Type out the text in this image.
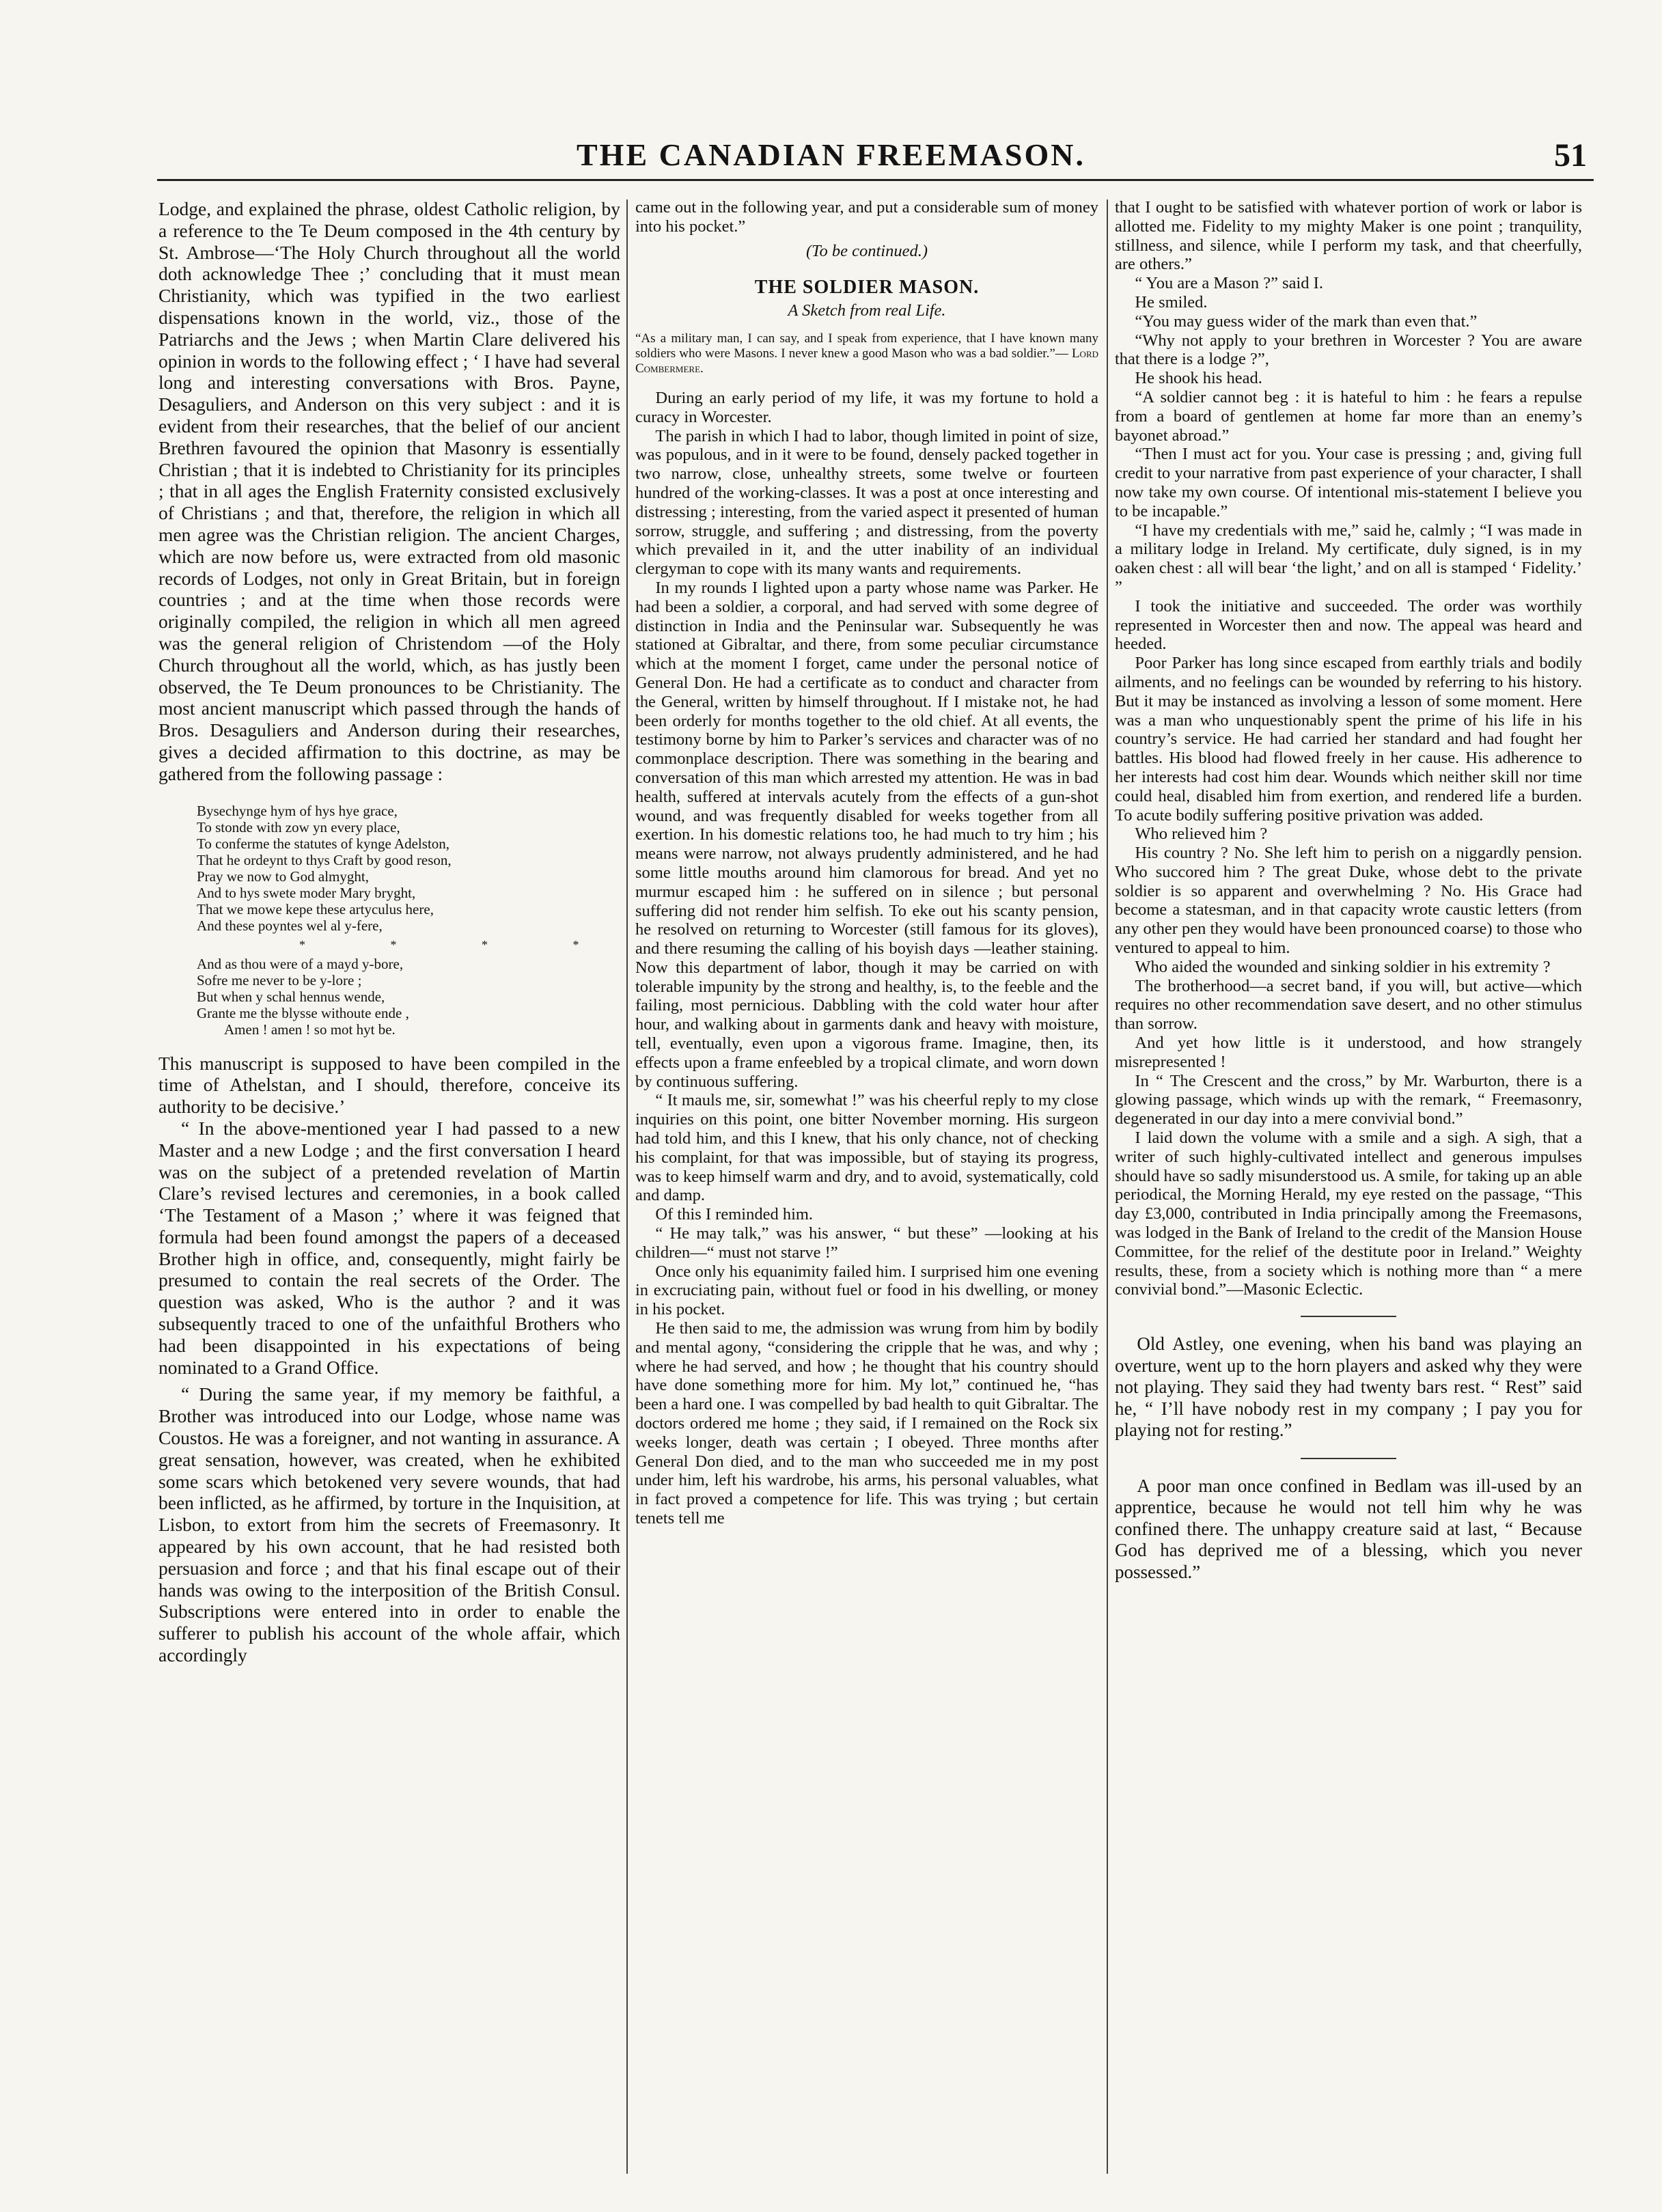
THE CANADIAN FREEMASON.	51

Lodge, and explained the phrase, oldest Catholic religion, by a reference to the Te Deum composed in the 4th century by St. Ambrose—‘The Holy Church throughout all the world doth acknowledge Thee ;’ concluding that it must mean Christianity, which was typified in the two earliest dispensations known in the world, viz., those of the Patriarchs and the Jews ; when Martin Clare delivered his opinion in words to the following effect ; ‘ I have had several long and interesting conversations with Bros. Payne, Desaguliers, and Anderson on this very subject : and it is evident from their researches, that the belief of our ancient Brethren favoured the opinion that Masonry is essentially Christian ; that it is indebted to Christianity for its principles ; that in all ages the English Fraternity consisted exclusively of Christians ; and that, therefore, the religion in which all men agree was the Christian religion. The ancient Charges, which are now before us, were extracted from old masonic records of Lodges, not only in Great Britain, but in foreign countries ; and at the time when those records were originally compiled, the religion in which all men agreed was the general religion of Christendom —of the Holy Church throughout all the world, which, as has justly been observed, the Te Deum pronounces to be Christianity. The most ancient manuscript which passed through the hands of Bros. Desaguliers and Anderson during their researches, gives a decided affirmation to this doctrine, as may be gathered from the following passage :

Bysechynge hym of hys hye grace,
To stonde with zow yn every place,
To conferme the statutes of kynge Adelston,
That he ordeynt to thys Craft by good reson,
Pray we now to God almyght,
And to hys swete moder Mary bryght,
That we mowe kepe these artyculus here,
And these poyntes wel al y-fere,
* * * *
And as thou were of a mayd y-bore,
Sofre me never to be y-lore ;
But when y schal hennus wende,
Grante me the blysse withoute ende ,
Amen ! amen ! so mot hyt be.

This manuscript is supposed to have been compiled in the time of Athelstan, and I should, therefore, conceive its authority to be decisive.’

“ In the above-mentioned year I had passed to a new Master and a new Lodge ; and the first conversation I heard was on the subject of a pretended revelation of Martin Clare’s revised lectures and ceremonies, in a book called ‘The Testament of a Mason ;’ where it was feigned that formula had been found amongst the papers of a deceased Brother high in office, and, consequently, might fairly be presumed to contain the real secrets of the Order. The question was asked, Who is the author ? and it was subsequently traced to one of the unfaithful Brothers who had been disappointed in his expectations of being nominated to a Grand Office.

“ During the same year, if my memory be faithful, a Brother was introduced into our Lodge, whose name was Coustos. He was a foreigner, and not wanting in assurance. A great sensation, however, was created, when he exhibited some scars which betokened very severe wounds, that had been inflicted, as he affirmed, by torture in the Inquisition, at Lisbon, to extort from him the secrets of Freemasonry. It appeared by his own account, that he had resisted both persuasion and force ; and that his final escape out of their hands was owing to the interposition of the British Consul. Subscriptions were entered into in order to enable the sufferer to publish his account of the whole affair, which accordingly

came out in the following year, and put a considerable sum of money into his pocket.”

(To be continued.)
THE SOLDIER MASON.
A Sketch from real Life.
“As a military man, I can say, and I speak from experience, that I have known many soldiers who were Masons. I never knew a good Mason who was a bad soldier.”— Lord Combermere.

During an early period of my life, it was my fortune to hold a curacy in Worcester.

The parish in which I had to labor, though limited in point of size, was populous, and in it were to be found, densely packed together in two narrow, close, unhealthy streets, some twelve or fourteen hundred of the working-classes. It was a post at once interesting and distressing ; interesting, from the varied aspect it presented of human sorrow, struggle, and suffering ; and distressing, from the poverty which prevailed in it, and the utter inability of an individual clergyman to cope with its many wants and requirements.

In my rounds I lighted upon a party whose name was Parker. He had been a soldier, a corporal, and had served with some degree of distinction in India and the Peninsular war. Subsequently he was stationed at Gibraltar, and there, from some peculiar circumstance which at the moment I forget, came under the personal notice of General Don. He had a certificate as to conduct and character from the General, written by himself throughout. If I mistake not, he had been orderly for months together to the old chief. At all events, the testimony borne by him to Parker’s services and character was of no commonplace description. There was something in the bearing and conversation of this man which arrested my attention. He was in bad health, suffered at intervals acutely from the effects of a gun-shot wound, and was frequently disabled for weeks together from all exertion. In his domestic relations too, he had much to try him ; his means were narrow, not always prudently administered, and he had some little mouths around him clamorous for bread. And yet no murmur escaped him : he suffered on in silence ; but personal suffering did not render him selfish. To eke out his scanty pension, he resolved on returning to Worcester (still famous for its gloves), and there resuming the calling of his boyish days —leather staining. Now this department of labor, though it may be carried on with tolerable impunity by the strong and healthy, is, to the feeble and the failing, most pernicious. Dabbling with the cold water hour after hour, and walking about in garments dank and heavy with moisture, tell, eventually, even upon a vigorous frame. Imagine, then, its effects upon a frame enfeebled by a tropical climate, and worn down by continuous suffering.

“ It mauls me, sir, somewhat !” was his cheerful reply to my close inquiries on this point, one bitter November morning. His surgeon had told him, and this I knew, that his only chance, not of checking his complaint, for that was impossible, but of staying its progress, was to keep himself warm and dry, and to avoid, systematically, cold and damp.

Of this I reminded him.

“ He may talk,” was his answer, “ but these” —looking at his children—“ must not starve !”

Once only his equanimity failed him. I surprised him one evening in excruciating pain, without fuel or food in his dwelling, or money in his pocket.

He then said to me, the admission was wrung from him by bodily and mental agony, “considering the cripple that he was, and why ; where he had served, and how ; he thought that his country should have done something more for him. My lot,” continued he, “has been a hard one. I was compelled by bad health to quit Gibraltar. The doctors ordered me home ; they said, if I remained on the Rock six weeks longer, death was certain ; I obeyed. Three months after General Don died, and to the man who succeeded me in my post under him, left his wardrobe, his arms, his personal valuables, what in fact proved a competence for life. This was trying ; but certain tenets tell me

that I ought to be satisfied with whatever portion of work or labor is allotted me. Fidelity to my mighty Maker is one point ; tranquility, stillness, and silence, while I perform my task, and that cheerfully, are others.”

“ You are a Mason ?” said I.

He smiled.

“You may guess wider of the mark than even that.”

“Why not apply to your brethren in Worcester ? You are aware that there is a lodge ?”,

He shook his head.

“A soldier cannot beg : it is hateful to him : he fears a repulse from a board of gentlemen at home far more than an enemy’s bayonet abroad.”

“Then I must act for you. Your case is pressing ; and, giving full credit to your narrative from past experience of your character, I shall now take my own course. Of intentional mis-statement I believe you to be incapable.”

“I have my credentials with me,” said he, calmly ; “I was made in a military lodge in Ireland. My certificate, duly signed, is in my oaken chest : all will bear ‘the light,’ and on all is stamped ‘ Fidelity.’ ”

I took the initiative and succeeded. The order was worthily represented in Worcester then and now. The appeal was heard and heeded.

Poor Parker has long since escaped from earthly trials and bodily ailments, and no feelings can be wounded by referring to his history. But it may be instanced as involving a lesson of some moment. Here was a man who unquestionably spent the prime of his life in his country’s service. He had carried her standard and had fought her battles. His blood had flowed freely in her cause. His adherence to her interests had cost him dear. Wounds which neither skill nor time could heal, disabled him from exertion, and rendered life a burden. To acute bodily suffering positive privation was added.

Who relieved him ?

His country ? No. She left him to perish on a niggardly pension. Who succored him ? The great Duke, whose debt to the private soldier is so apparent and overwhelming ? No. His Grace had become a statesman, and in that capacity wrote caustic letters (from any other pen they would have been pronounced coarse) to those who ventured to appeal to him.

Who aided the wounded and sinking soldier in his extremity ?

The brotherhood—a secret band, if you will, but active—which requires no other recommendation save desert, and no other stimulus than sorrow.

And yet how little is it understood, and how strangely misrepresented !

In “ The Crescent and the cross,” by Mr. Warburton, there is a glowing passage, which winds up with the remark, “ Freemasonry, degenerated in our day into a mere convivial bond.”

I laid down the volume with a smile and a sigh. A sigh, that a writer of such highly-cultivated intellect and generous impulses should have so sadly misunderstood us. A smile, for taking up an able periodical, the Morning Herald, my eye rested on the passage, “This day £3,000, contributed in India principally among the Freemasons, was lodged in the Bank of Ireland to the credit of the Mansion House Committee, for the relief of the destitute poor in Ireland.” Weighty results, these, from a society which is nothing more than “ a mere convivial bond.”—Masonic Eclectic.

Old Astley, one evening, when his band was playing an overture, went up to the horn players and asked why they were not playing. They said they had twenty bars rest. “ Rest” said he, “ I’ll have nobody rest in my company ; I pay you for playing not for resting.”

A poor man once confined in Bedlam was ill-used by an apprentice, because he would not tell him why he was confined there. The unhappy creature said at last, “ Because God has deprived me of a blessing, which you never possessed.”
